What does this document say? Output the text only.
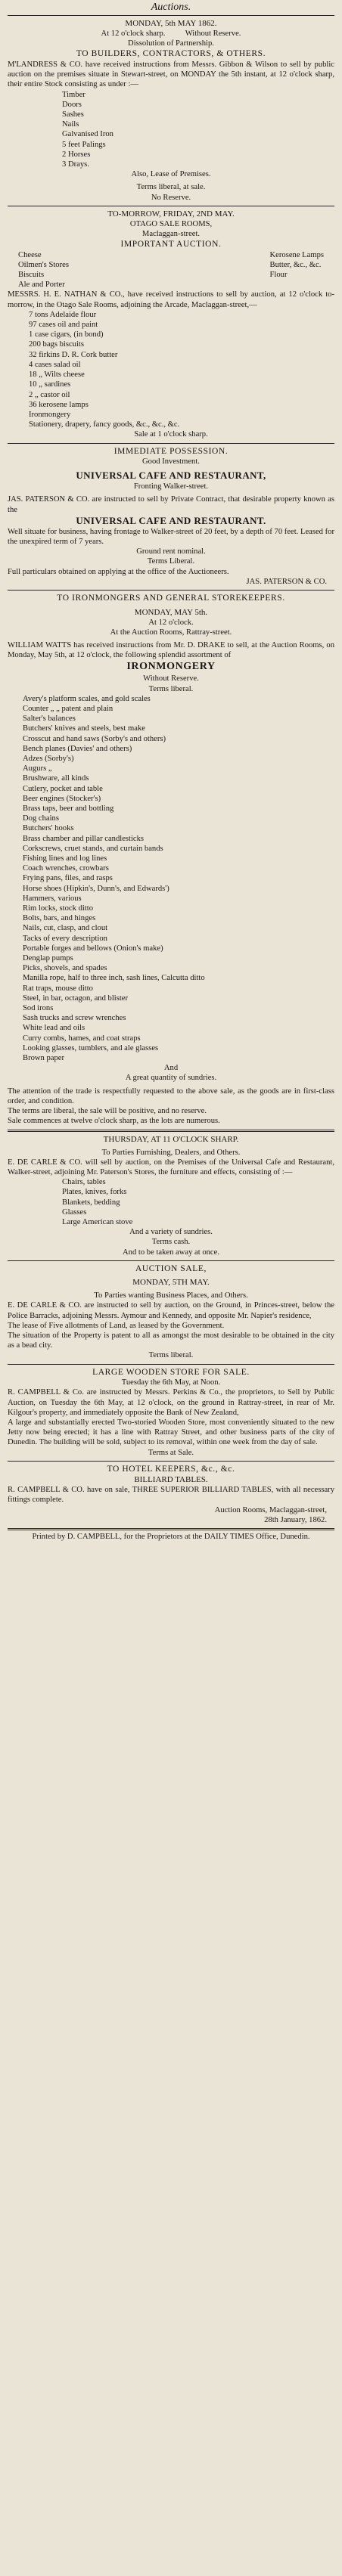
Auctions.

MONDAY, 5th MAY 1862.

At 12 o'clock sharp.          Without Reserve.

Dissolution of Partnership.

TO BUILDERS, CONTRACTORS, & OTHERS.

M'LANDRESS & CO. have received instructions from Messrs. Gibbon & Wilson to sell by public auction on the premises situate in Stewart-street, on MONDAY the 5th instant, at 12 o'clock sharp, their entire Stock consisting as under :—

Timber

Doors

Sashes

Nails

Galvanised Iron

5 feet Palings

2 Horses

3 Drays.

Also, Lease of Premises.

Terms liberal, at sale.

No Reserve.

TO-MORROW, FRIDAY, 2ND MAY.

OTAGO SALE ROOMS,

Maclaggan-street.

IMPORTANT AUCTION.

Cheese

Oilmen's Stores

Biscuits

Ale and Porter

Kerosene Lamps

Butter, &c., &c.

Flour

MESSRS. H. E. NATHAN & CO., have received instructions to sell by auction, at 12 o'clock to-morrow, in the Otago Sale Rooms, adjoining the Arcade, Maclaggan-street,—

7 tons Adelaide flour

97 cases oil and paint

1 case cigars, (in bond)

200 bags biscuits

32 firkins D. R. Cork butter

4 cases salad oil

18 „ Wilts cheese

10 „ sardines

2 „ castor oil

36 kerosene lamps

Ironmongery

Stationery, drapery, fancy goods, &c., &c., &c.

Sale at 1 o'clock sharp.

IMMEDIATE POSSESSION.

Good Investment.

UNIVERSAL CAFE AND RESTAURANT,

Fronting Walker-street.

JAS. PATERSON & CO. are instructed to sell by Private Contract, that desirable property known as the

UNIVERSAL CAFE AND RESTAURANT.

Well situate for business, having frontage to Walker-street of 20 feet, by a depth of 70 feet. Leased for the unexpired term of 7 years.

Ground rent nominal.

Terms Liberal.

Full particulars obtained on applying at the office of the Auctioneers.

JAS. PATERSON & CO.

TO IRONMONGERS AND GENERAL STOREKEEPERS.

MONDAY, MAY 5th.

At 12 o'clock.

At the Auction Rooms, Rattray-street.

WILLIAM WATTS has received instructions from Mr. D. DRAKE to sell, at the Auction Rooms, on Monday, May 5th, at 12 o'clock, the following splendid assortment of

IRONMONGERY

Without Reserve.

Terms liberal.

Avery's platform scales, and gold scales

Counter „ „ patent and plain

Salter's balances

Butchers' knives and steels, best make

Crosscut and hand saws (Sorby's and others)

Bench planes (Davies' and others)

Adzes (Sorby's)

Augurs „

Brushware, all kinds

Cutlery, pocket and table

Beer engines (Stocker's)

Brass taps, beer and bottling

Dog chains

Butchers' hooks

Brass chamber and pillar candlesticks

Corkscrews, cruet stands, and curtain bands

Fishing lines and log lines

Coach wrenches, crowbars

Frying pans, files, and rasps

Horse shoes (Hipkin's, Dunn's, and Edwards')

Hammers, various

Rim locks, stock ditto

Bolts, bars, and hinges

Nails, cut, clasp, and clout

Tacks of every description

Portable forges and bellows (Onion's make)

Denglap pumps

Picks, shovels, and spades

Manilla rope, half to three inch, sash lines, Calcutta ditto

Rat traps, mouse ditto

Steel, in bar, octagon, and blister

Sod irons

Sash trucks and screw wrenches

White lead and oils

Curry combs, hames, and coat straps

Looking glasses, tumblers, and ale glasses

Brown paper

And

A great quantity of sundries.

The attention of the trade is respectfully requested to the above sale, as the goods are in first-class order, and condition.

The terms are liberal, the sale will be positive, and no reserve.

Sale commences at twelve o'clock sharp, as the lots are numerous.

THURSDAY, AT 11 O'CLOCK SHARP.

To Parties Furnishing, Dealers, and Others.

E. DE CARLE & CO. will sell by auction, on the Premises of the Universal Cafe and Restaurant, Walker-street, adjoining Mr. Paterson's Stores, the furniture and effects, consisting of :—

Chairs, tables

Plates, knives, forks

Blankets, bedding

Glasses

Large American stove

And a variety of sundries.

Terms cash.

And to be taken away at once.

AUCTION SALE,

MONDAY, 5TH MAY.

To Parties wanting Business Places, and Others.

E. DE CARLE & CO. are instructed to sell by auction, on the Ground, in Princes-street, below the Police Barracks, adjoining Messrs. Aymour and Kennedy, and opposite Mr. Napier's residence,

The lease of Five allotments of Land, as leased by the Government.

The situation of the Property is patent to all as amongst the most desirable to be obtained in the city as a bead city.

Terms liberal.

LARGE WOODEN STORE FOR SALE.

Tuesday the 6th May, at Noon.

R. CAMPBELL & Co. are instructed by Messrs. Perkins & Co., the proprietors, to Sell by Public Auction, on Tuesday the 6th May, at 12 o'clock, on the ground in Rattray-street, in rear of Mr. Kilgour's property, and immediately opposite the Bank of New Zealand,

A large and substantially erected Two-storied Wooden Store, most conveniently situated to the new Jetty now being erected; it has a line with Rattray Street, and other business parts of the city of Dunedin. The building will be sold, subject to its removal, within one week from the day of sale.

Terms at Sale.

TO HOTEL KEEPERS, &c., &c.

BILLIARD TABLES.

R. CAMPBELL & CO. have on sale, THREE SUPERIOR BILLIARD TABLES, with all necessary fittings complete.

Auction Rooms, Maclaggan-street,

28th January, 1862.

Printed by D. CAMPBELL, for the Proprietors at the DAILY TIMES Office, Dunedin.
